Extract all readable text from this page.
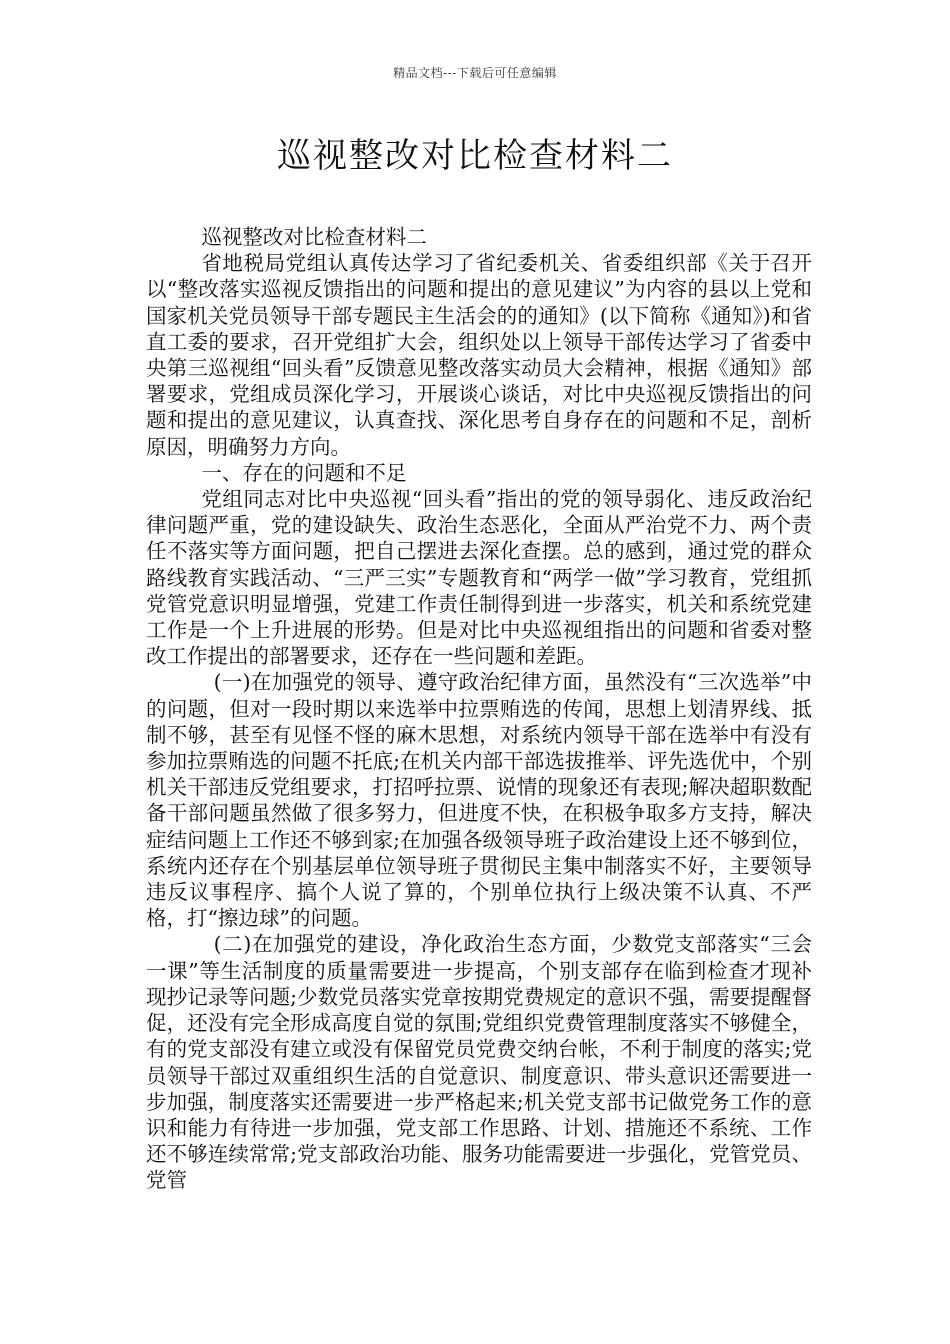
精品文档---下载后可任意编辑
巡视整改对比检查材料二

巡视整改对比检查材料二

省地税局党组认真传达学习了省纪委机关、省委组织部《关于召开以“整改落实巡视反馈指出的问题和提出的意见建议”为内容的县以上党和国家机关党员领导干部专题民主生活会的的通知》(以下简称《通知》)和省直工委的要求，召开党组扩大会，组织处以上领导干部传达学习了省委中央第三巡视组“回头看”反馈意见整改落实动员大会精神，根据《通知》部署要求，党组成员深化学习，开展谈心谈话，对比中央巡视反馈指出的问题和提出的意见建议，认真查找、深化思考自身存在的问题和不足，剖析原因，明确努力方向。

一、存在的问题和不足

党组同志对比中央巡视“回头看”指出的党的领导弱化、违反政治纪律问题严重，党的建设缺失、政治生态恶化，全面从严治党不力、两个责任不落实等方面问题，把自己摆进去深化查摆。总的感到，通过党的群众路线教育实践活动、“三严三实”专题教育和“两学一做”学习教育，党组抓党管党意识明显增强，党建工作责任制得到进一步落实，机关和系统党建工作是一个上升进展的形势。但是对比中央巡视组指出的问题和省委对整改工作提出的部署要求，还存在一些问题和差距。

(一)在加强党的领导、遵守政治纪律方面，虽然没有“三次选举”中的问题，但对一段时期以来选举中拉票贿选的传闻，思想上划清界线、抵制不够，甚至有见怪不怪的麻木思想，对系统内领导干部在选举中有没有参加拉票贿选的问题不托底;在机关内部干部选拔推举、评先选优中，个别机关干部违反党组要求，打招呼拉票、说情的现象还有表现;解决超职数配备干部问题虽然做了很多努力，但进度不快，在积极争取多方支持，解决症结问题上工作还不够到家;在加强各级领导班子政治建设上还不够到位，系统内还存在个别基层单位领导班子贯彻民主集中制落实不好，主要领导违反议事程序、搞个人说了算的，个别单位执行上级决策不认真、不严格，打“擦边球”的问题。

(二)在加强党的建设，净化政治生态方面，少数党支部落实“三会一课”等生活制度的质量需要进一步提高，个别支部存在临到检查才现补现抄记录等问题;少数党员落实党章按期党费规定的意识不强，需要提醒督促，还没有完全形成高度自觉的氛围;党组织党费管理制度落实不够健全，有的党支部没有建立或没有保留党员党费交纳台帐，不利于制度的落实;党员领导干部过双重组织生活的自觉意识、制度意识、带头意识还需要进一步加强，制度落实还需要进一步严格起来;机关党支部书记做党务工作的意识和能力有待进一步加强，党支部工作思路、计划、措施还不系统、工作还不够连续常常;党支部政治功能、服务功能需要进一步强化，党管党员、党管
